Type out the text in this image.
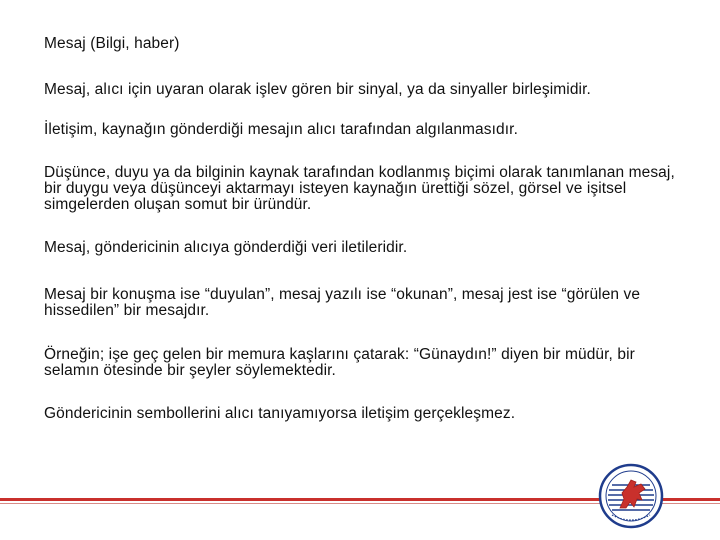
Mesaj (Bilgi, haber)

Mesaj, alıcı için uyaran olarak işlev gören bir sinyal, ya da sinyaller birleşimidir.

İletişim, kaynağın gönderdiği mesajın alıcı tarafından algılanmasıdır.

Düşünce, duyu ya da bilginin kaynak tarafından kodlanmış biçimi olarak tanımlanan mesaj, bir duygu veya düşünceyi aktarmayı isteyen kaynağın ürettiği sözel, görsel ve işitsel simgelerden oluşan somut bir üründür.

Mesaj, göndericinin alıcıya gönderdiği veri iletileridir.

Mesaj bir konuşma ise “duyulan”, mesaj yazılı ise “okunan”, mesaj jest ise “görülen ve hissedilen” bir mesajdır.

Örneğin; işe geç gelen bir memura kaşlarını çatarak: “Günaydın!” diyen bir müdür, bir selamın ötesinde bir şeyler söylemektedir.

Göndericinin sembollerini alıcı tanıyamıyorsa iletişim gerçekleşmez.
